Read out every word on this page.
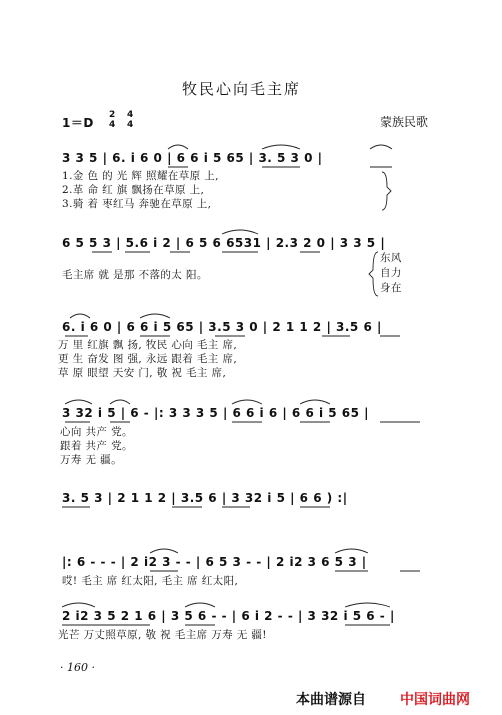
牧民心向毛主席
1＝D
2
4
4
4	蒙族民歌
3 3 5 | 6. i 6 0 | 6 6 i 5 65 | 3. 5 3 0 |
1.金 色 的 光 辉 照耀在草原 上,
2.革 命 红 旗 飘扬在草原 上,
3.骑 着 枣红马 奔驰在草原 上,
6 5 5 3 | 5.6 i 2 | 6 5 6 6531 | 2.3 2 0 | 3 3 5 |
毛主席 就 是那 不落的太 阳。
东风
自力
身在
6. i 6 0 | 6 6 i 5 65 | 3.5 3 0 | 2 1 1 2 | 3.5 6 |
万 里 红旗 飘 扬, 牧民 心向 毛主 席,
更 生 奋发 图 强, 永远 跟着 毛主 席,
草 原 眼望 天安 门, 敬 祝 毛主 席,
3 32 i 5 | 6 - |: 3 3 3 5 | 6 6 i 6 | 6 6 i 5 65 |
心向 共产 党。
跟着 共产 党。
万寿 无 疆。
3. 5 3 | 2 1 1 2 | 3.5 6 | 3 32 i 5 | 6 6 ) :|
|: 6 - - - | 2 i2 3 - - | 6 5 3 - - | 2 i2 3 6 5 3 |
哎! 毛主 席 红太阳, 毛主 席 红太阳,
2 i2 3 5 2 1 6 | 3 5 6 - - | 6 i 2 - - | 3 32 i 5 6 - |
光芒 万丈照草原, 敬 祝 毛主席 万寿 无 疆!
· 160 ·
本曲谱源自 中国词曲网
